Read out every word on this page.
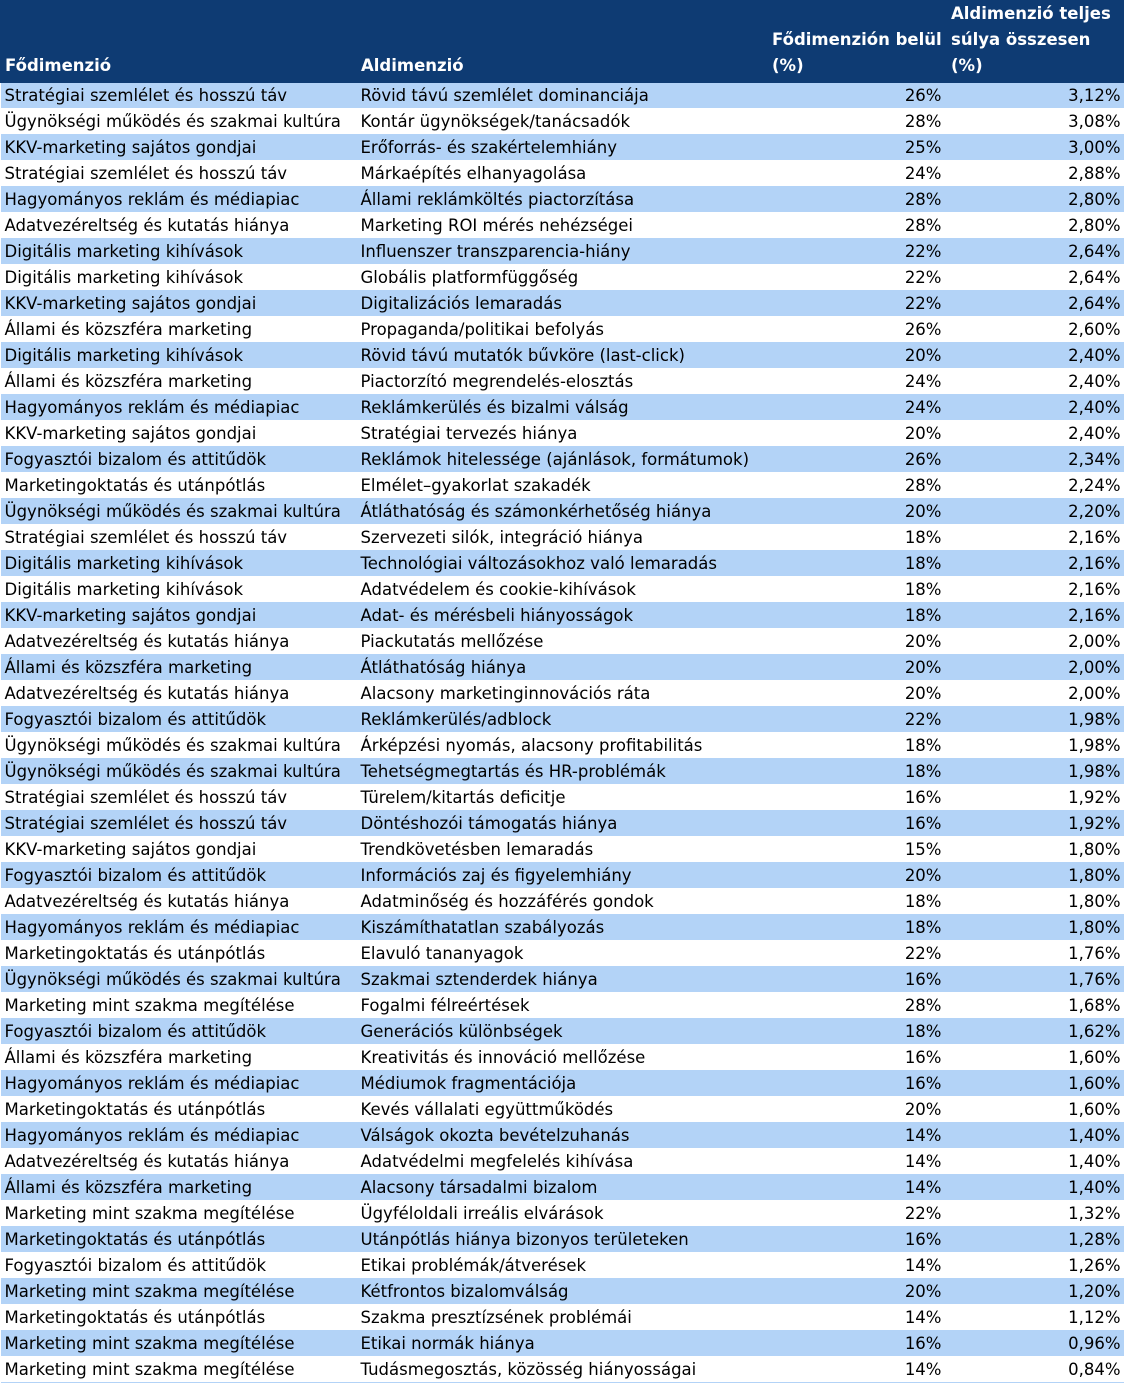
Fődimenzió	Aldimenzió	Fődimenzión belül (%)	Aldimenzió teljes súlya összesen (%)
Stratégiai szemlélet és hosszú táv	Rövid távú szemlélet dominanciája	26%	3,12%
Ügynökségi működés és szakmai kultúra	Kontár ügynökségek/tanácsadók	28%	3,08%
KKV-marketing sajátos gondjai	Erőforrás- és szakértelemhiány	25%	3,00%
Stratégiai szemlélet és hosszú táv	Márkaépítés elhanyagolása	24%	2,88%
Hagyományos reklám és médiapiac	Állami reklámköltés piactorzítása	28%	2,80%
Adatvezéreltség és kutatás hiánya	Marketing ROI mérés nehézségei	28%	2,80%
Digitális marketing kihívások	Influenszer transzparencia-hiány	22%	2,64%
Digitális marketing kihívások	Globális platformfüggőség	22%	2,64%
KKV-marketing sajátos gondjai	Digitalizációs lemaradás	22%	2,64%
Állami és közszféra marketing	Propaganda/politikai befolyás	26%	2,60%
Digitális marketing kihívások	Rövid távú mutatók bűvköre (last-click)	20%	2,40%
Állami és közszféra marketing	Piactorzító megrendelés-elosztás	24%	2,40%
Hagyományos reklám és médiapiac	Reklámkerülés és bizalmi válság	24%	2,40%
KKV-marketing sajátos gondjai	Stratégiai tervezés hiánya	20%	2,40%
Fogyasztói bizalom és attitűdök	Reklámok hitelessége (ajánlások, formátumok)	26%	2,34%
Marketingoktatás és utánpótlás	Elmélet–gyakorlat szakadék	28%	2,24%
Ügynökségi működés és szakmai kultúra	Átláthatóság és számonkérhetőség hiánya	20%	2,20%
Stratégiai szemlélet és hosszú táv	Szervezeti silók, integráció hiánya	18%	2,16%
Digitális marketing kihívások	Technológiai változásokhoz való lemaradás	18%	2,16%
Digitális marketing kihívások	Adatvédelem és cookie-kihívások	18%	2,16%
KKV-marketing sajátos gondjai	Adat- és mérésbeli hiányosságok	18%	2,16%
Adatvezéreltség és kutatás hiánya	Piackutatás mellőzése	20%	2,00%
Állami és közszféra marketing	Átláthatóság hiánya	20%	2,00%
Adatvezéreltség és kutatás hiánya	Alacsony marketinginnovációs ráta	20%	2,00%
Fogyasztói bizalom és attitűdök	Reklámkerülés/adblock	22%	1,98%
Ügynökségi működés és szakmai kultúra	Árképzési nyomás, alacsony profitabilitás	18%	1,98%
Ügynökségi működés és szakmai kultúra	Tehetségmegtartás és HR-problémák	18%	1,98%
Stratégiai szemlélet és hosszú táv	Türelem/kitartás deficitje	16%	1,92%
Stratégiai szemlélet és hosszú táv	Döntéshozói támogatás hiánya	16%	1,92%
KKV-marketing sajátos gondjai	Trendkövetésben lemaradás	15%	1,80%
Fogyasztói bizalom és attitűdök	Információs zaj és figyelemhiány	20%	1,80%
Adatvezéreltség és kutatás hiánya	Adatminőség és hozzáférés gondok	18%	1,80%
Hagyományos reklám és médiapiac	Kiszámíthatatlan szabályozás	18%	1,80%
Marketingoktatás és utánpótlás	Elavuló tananyagok	22%	1,76%
Ügynökségi működés és szakmai kultúra	Szakmai sztenderdek hiánya	16%	1,76%
Marketing mint szakma megítélése	Fogalmi félreértések	28%	1,68%
Fogyasztói bizalom és attitűdök	Generációs különbségek	18%	1,62%
Állami és közszféra marketing	Kreativitás és innováció mellőzése	16%	1,60%
Hagyományos reklám és médiapiac	Médiumok fragmentációja	16%	1,60%
Marketingoktatás és utánpótlás	Kevés vállalati együttműködés	20%	1,60%
Hagyományos reklám és médiapiac	Válságok okozta bevételzuhanás	14%	1,40%
Adatvezéreltség és kutatás hiánya	Adatvédelmi megfelelés kihívása	14%	1,40%
Állami és közszféra marketing	Alacsony társadalmi bizalom	14%	1,40%
Marketing mint szakma megítélése	Ügyféloldali irreális elvárások	22%	1,32%
Marketingoktatás és utánpótlás	Utánpótlás hiánya bizonyos területeken	16%	1,28%
Fogyasztói bizalom és attitűdök	Etikai problémák/átverések	14%	1,26%
Marketing mint szakma megítélése	Kétfrontos bizalomválság	20%	1,20%
Marketingoktatás és utánpótlás	Szakma presztízsének problémái	14%	1,12%
Marketing mint szakma megítélése	Etikai normák hiánya	16%	0,96%
Marketing mint szakma megítélése	Tudásmegosztás, közösség hiányosságai	14%	0,84%
